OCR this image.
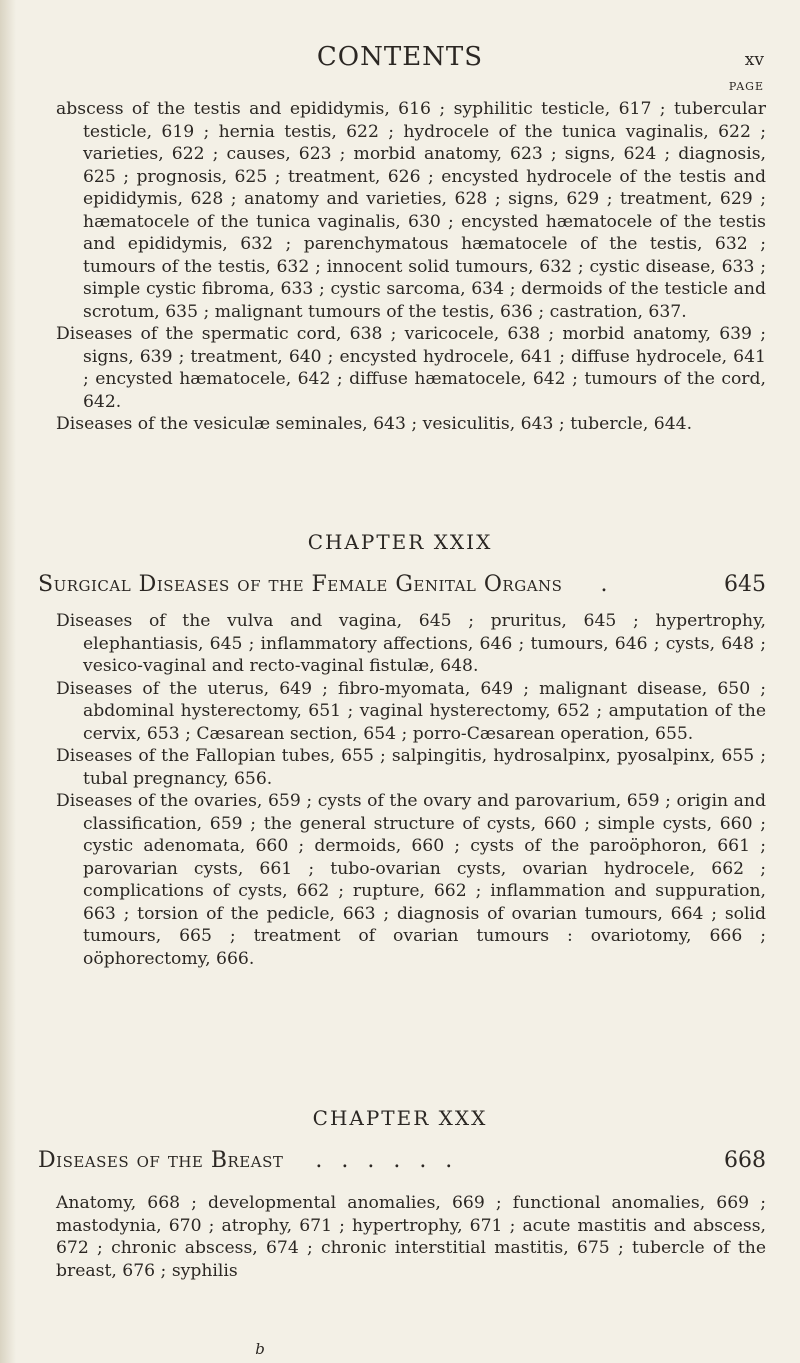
CONTENTS	xv
PAGE
abscess of the testis and epididymis, 616 ; syphilitic testicle, 617 ; tubercular testicle, 619 ; hernia testis, 622 ; hydrocele of the tunica vaginalis, 622 ; varieties, 622 ; causes, 623 ; morbid anatomy, 623 ; signs, 624 ; diagnosis, 625 ; prognosis, 625 ; treatment, 626 ; encysted hydrocele of the testis and epididymis, 628 ; anatomy and varieties, 628 ; signs, 629 ; treatment, 629 ; hæmatocele of the tunica vaginalis, 630 ; encysted hæmatocele of the testis and epididymis, 632 ; parenchymatous hæmatocele of the testis, 632 ; tumours of the testis, 632 ; innocent solid tumours, 632 ; cystic disease, 633 ; simple cystic fibroma, 633 ; cystic sarcoma, 634 ; dermoids of the testicle and scrotum, 635 ; malignant tumours of the testis, 636 ; castration, 637.
Diseases of the spermatic cord, 638 ; varicocele, 638 ; morbid anatomy, 639 ; signs, 639 ; treatment, 640 ; encysted hydrocele, 641 ; diffuse hydrocele, 641 ; encysted hæmatocele, 642 ; diffuse hæmatocele, 642 ; tumours of the cord, 642.
Diseases of the vesiculæ seminales, 643 ; vesiculitis, 643 ; tubercle, 644.
CHAPTER XXIX
Surgical Diseases of the Female Genital Organs .	645
Diseases of the vulva and vagina, 645 ; pruritus, 645 ; hypertrophy, elephantiasis, 645 ; inflammatory affections, 646 ; tumours, 646 ; cysts, 648 ; vesico-vaginal and recto-vaginal fistulæ, 648.
Diseases of the uterus, 649 ; fibro-myomata, 649 ; malignant disease, 650 ; abdominal hysterectomy, 651 ; vaginal hysterectomy, 652 ; amputation of the cervix, 653 ; Cæsarean section, 654 ; porro-Cæsarean operation, 655.
Diseases of the Fallopian tubes, 655 ; salpingitis, hydrosalpinx, pyosalpinx, 655 ; tubal pregnancy, 656.
Diseases of the ovaries, 659 ; cysts of the ovary and parovarium, 659 ; origin and classification, 659 ; the general structure of cysts, 660 ; simple cysts, 660 ; cystic adenomata, 660 ; dermoids, 660 ; cysts of the paroöphoron, 661 ; parovarian cysts, 661 ; tubo-ovarian cysts, ovarian hydrocele, 662 ; complications of cysts, 662 ; rupture, 662 ; inflammation and suppuration, 663 ; torsion of the pedicle, 663 ; diagnosis of ovarian tumours, 664 ; solid tumours, 665 ; treatment of ovarian tumours : ovariotomy, 666 ; oöphorectomy, 666.
CHAPTER XXX
Diseases of the Breast . . . . . .	668
Anatomy, 668 ; developmental anomalies, 669 ; functional anomalies, 669 ; mastodynia, 670 ; atrophy, 671 ; hypertrophy, 671 ; acute mastitis and abscess, 672 ; chronic abscess, 674 ; chronic interstitial mastitis, 675 ; tubercle of the breast, 676 ; syphilis
b
